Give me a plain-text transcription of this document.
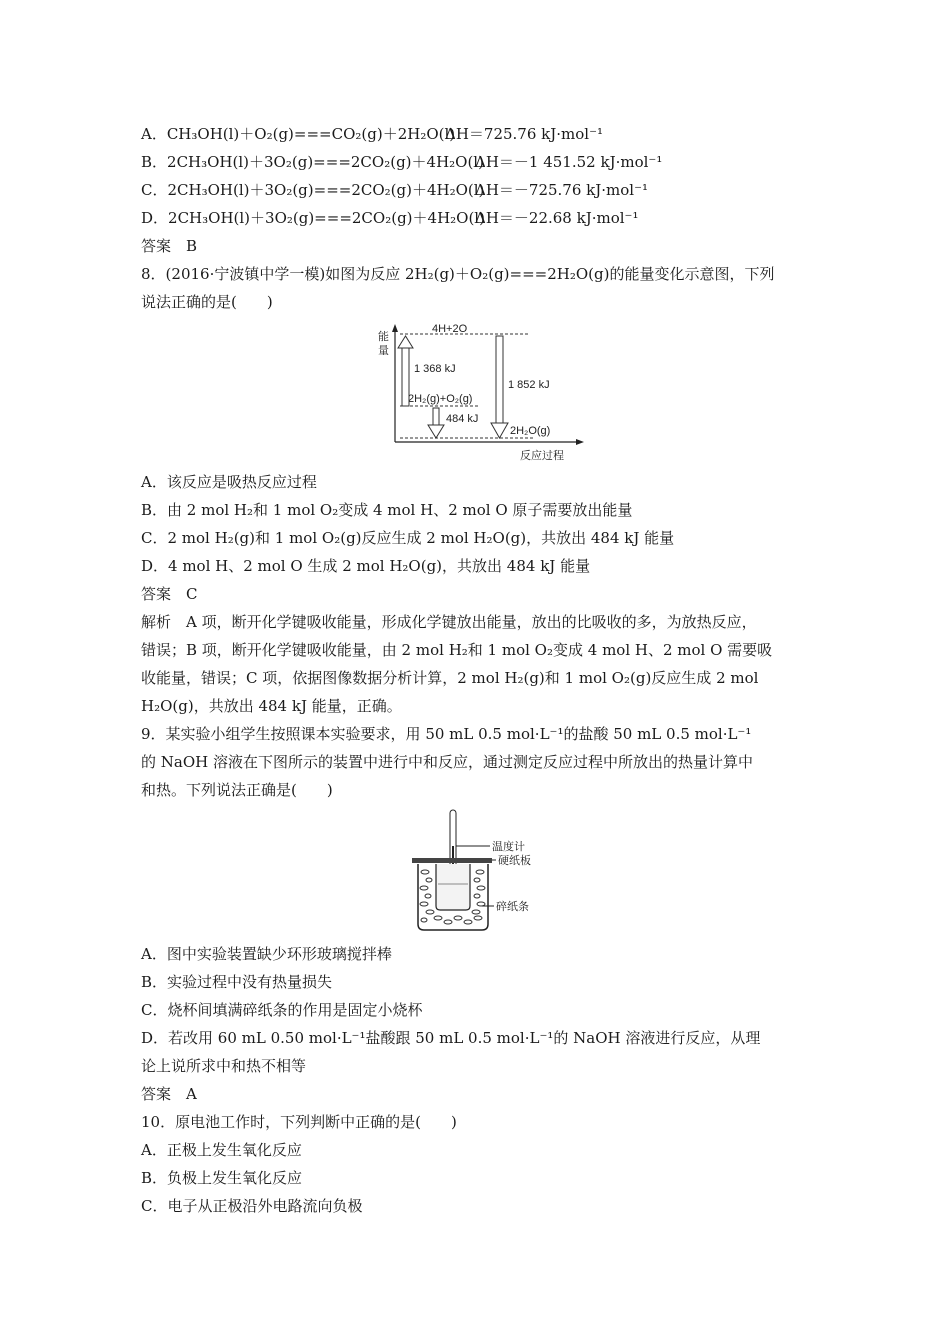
A．CH₃OH(l)＋O₂(g)===CO₂(g)＋2H₂O(l)
ΔH＝725.76 kJ·mol⁻¹
B．2CH₃OH(l)＋3O₂(g)===2CO₂(g)＋4H₂O(l)
ΔH＝－1 451.52 kJ·mol⁻¹
C．2CH₃OH(l)＋3O₂(g)===2CO₂(g)＋4H₂O(l)
ΔH＝－725.76 kJ·mol⁻¹
D．2CH₃OH(l)＋3O₂(g)===2CO₂(g)＋4H₂O(l)
ΔH＝－22.68 kJ·mol⁻¹
答案　B
8．(2016·宁波镇中学一模)如图为反应 2H₂(g)＋O₂(g)===2H₂O(g)的能量变化示意图，下列
说法正确的是(　　)
能
量
反应过程
4H+2O
2H₂(g)+O₂(g)
2H₂O(g)
1 368 kJ
484 kJ
1 852 kJ
A．该反应是吸热反应过程
B．由 2 mol H₂和 1 mol O₂变成 4 mol H、2 mol O 原子需要放出能量
C．2 mol H₂(g)和 1 mol O₂(g)反应生成 2 mol H₂O(g)，共放出 484 kJ 能量
D．4 mol H、2 mol O 生成 2 mol H₂O(g)，共放出 484 kJ 能量
答案　C
解析　A 项，断开化学键吸收能量，形成化学键放出能量，放出的比吸收的多，为放热反应，
错误；B 项，断开化学键吸收能量，由 2 mol H₂和 1 mol O₂变成 4 mol H、2 mol O 需要吸
收能量，错误；C 项，依据图像数据分析计算，2 mol H₂(g)和 1 mol O₂(g)反应生成 2 mol
H₂O(g)，共放出 484 kJ 能量，正确。
9．某实验小组学生按照课本实验要求，用 50 mL 0.5 mol·L⁻¹的盐酸 50 mL 0.5 mol·L⁻¹
的 NaOH 溶液在下图所示的装置中进行中和反应，通过测定反应过程中所放出的热量计算中
和热。下列说法正确是(　　)
温度计
硬纸板
碎纸条
A．图中实验装置缺少环形玻璃搅拌棒
B．实验过程中没有热量损失
C．烧杯间填满碎纸条的作用是固定小烧杯
D．若改用 60 mL 0.50 mol·L⁻¹盐酸跟 50 mL 0.5 mol·L⁻¹的 NaOH 溶液进行反应，从理
论上说所求中和热不相等
答案　A
10．原电池工作时，下列判断中正确的是(　　)
A．正极上发生氧化反应
B．负极上发生氧化反应
C．电子从正极沿外电路流向负极
